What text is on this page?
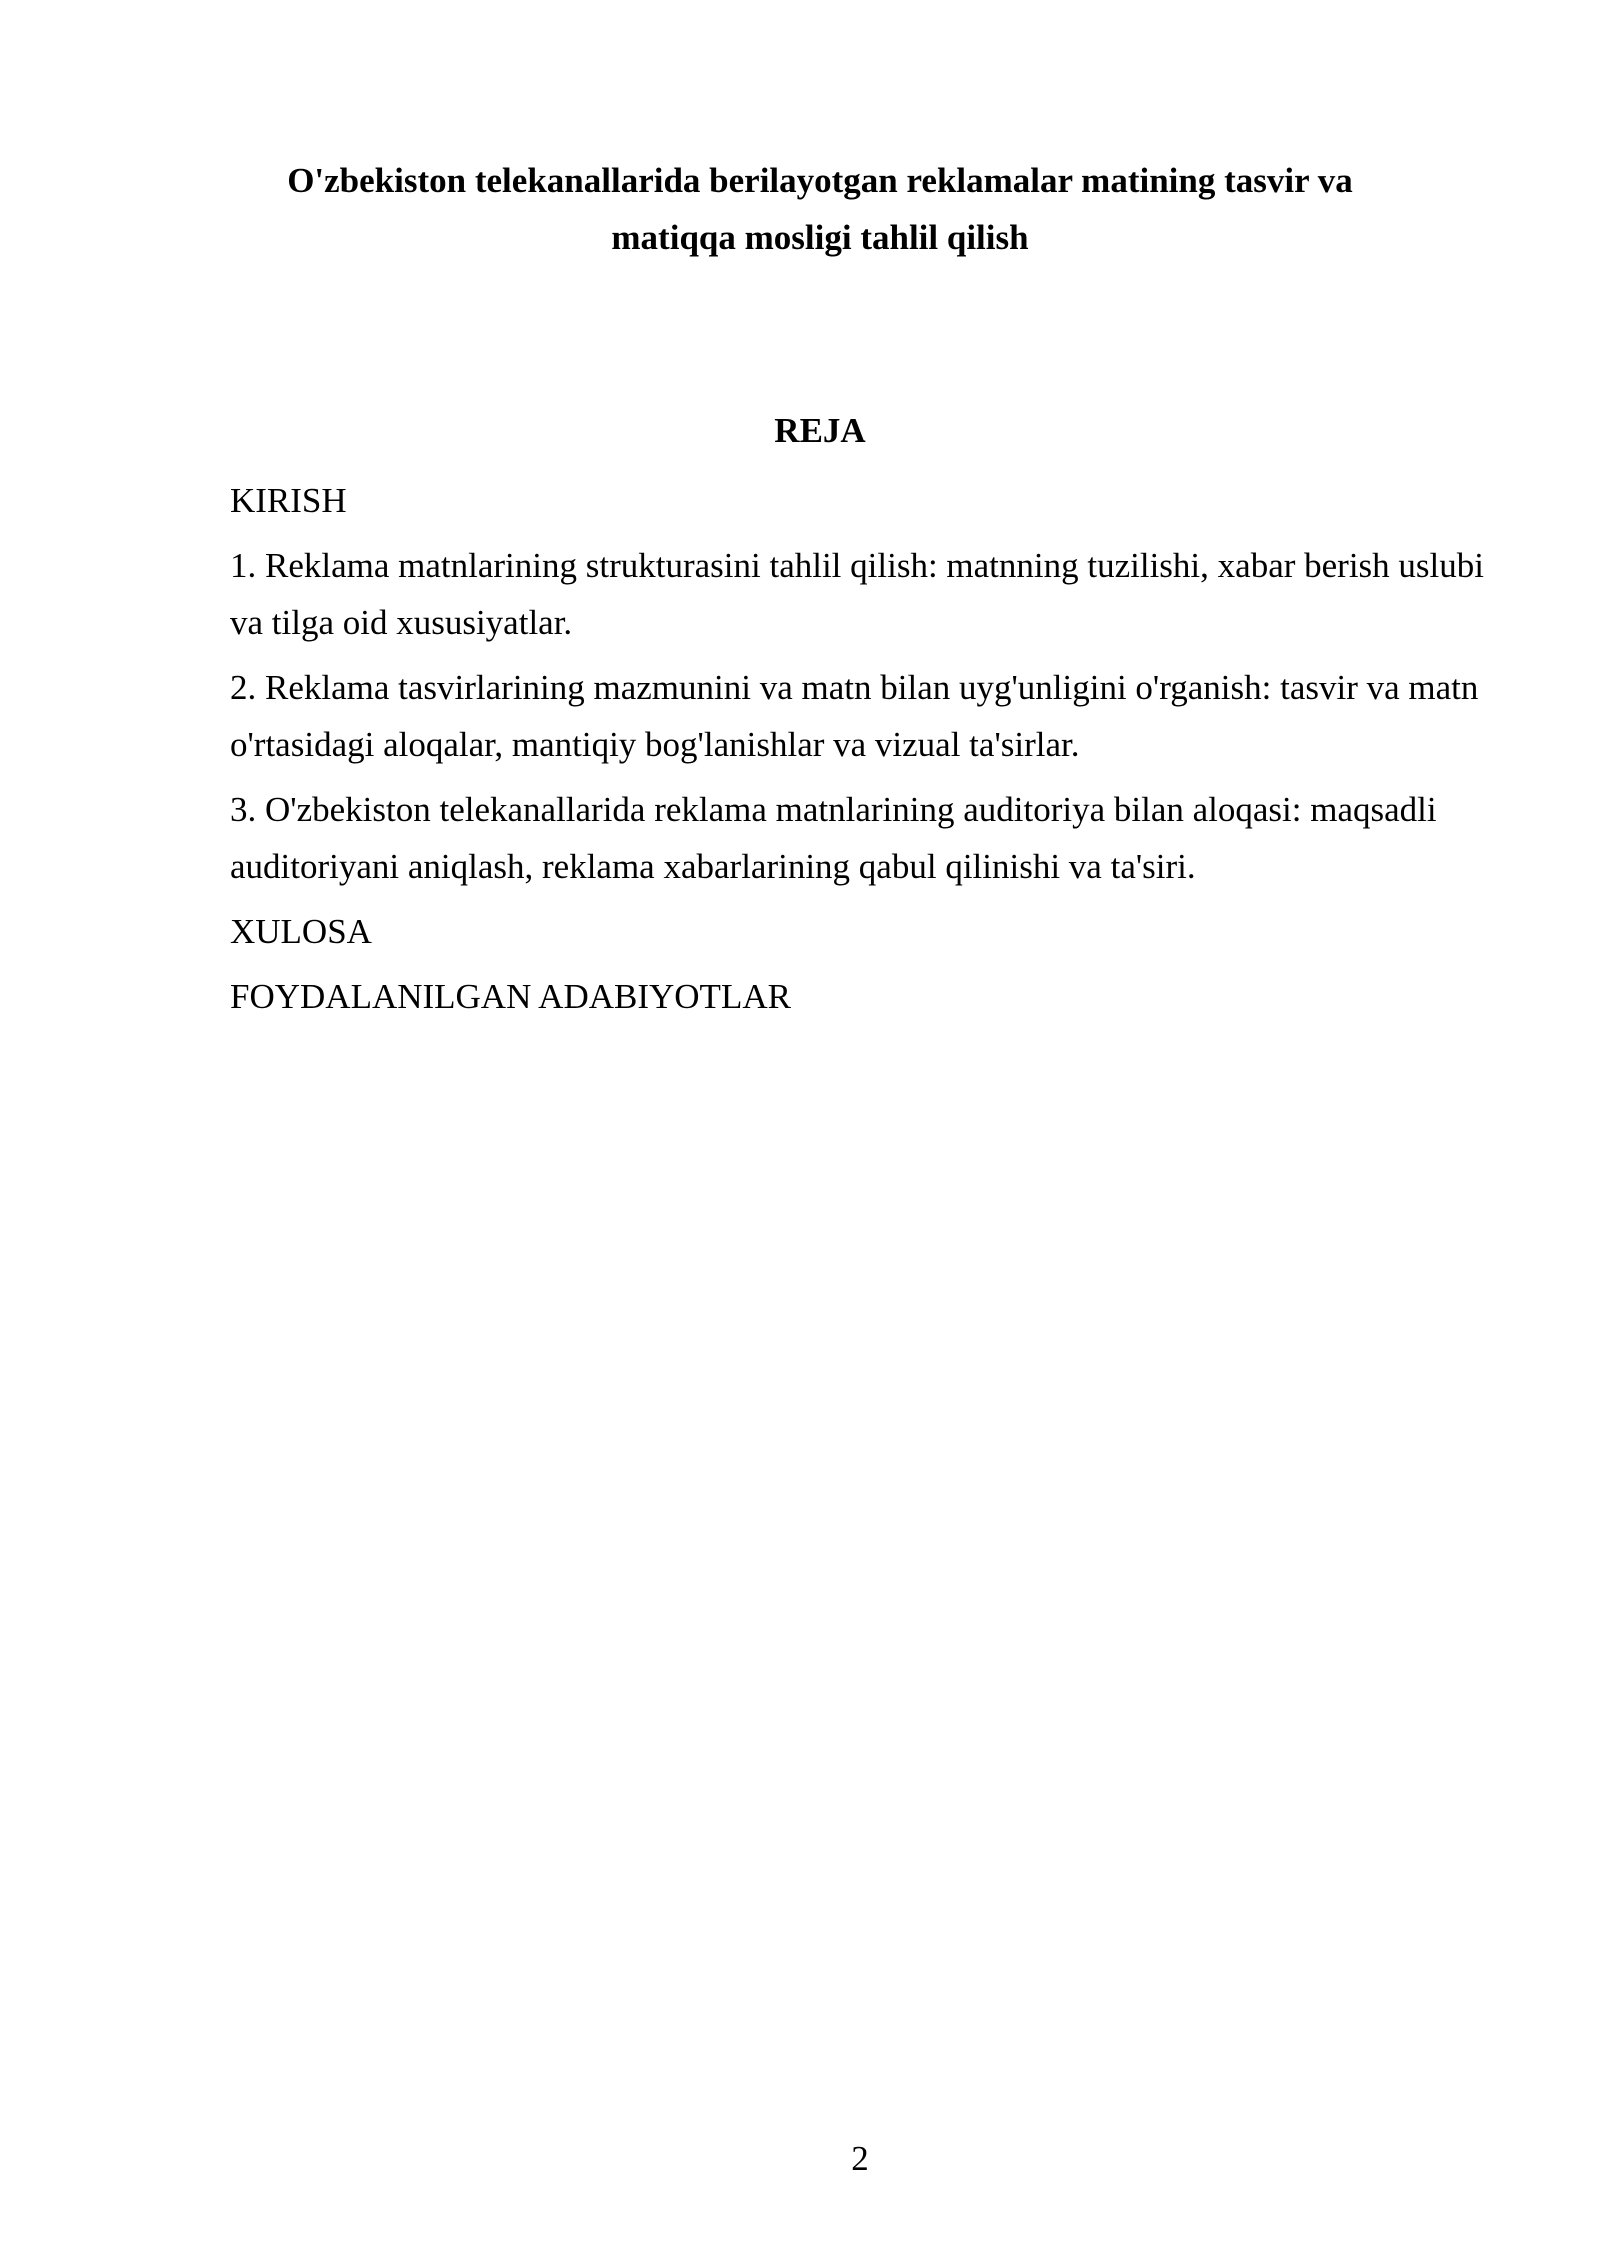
O'zbekiston telekanallarida berilayotgan reklamalar matining tasvir va
matiqqa mosligi tahlil qilish
REJA

KIRISH

1. Reklama matnlarining strukturasini tahlil qilish: matnning tuzilishi, xabar berish uslubi va tilga oid xususiyatlar.

2. Reklama tasvirlarining mazmunini va matn bilan uyg'unligini o'rganish: tasvir va matn o'rtasidagi aloqalar, mantiqiy bog'lanishlar va vizual ta'sirlar.

3. O'zbekiston telekanallarida reklama matnlarining auditoriya bilan aloqasi: maqsadli auditoriyani aniqlash, reklama xabarlarining qabul qilinishi va ta'siri.

XULOSA

FOYDALANILGAN ADABIYOTLAR

2
